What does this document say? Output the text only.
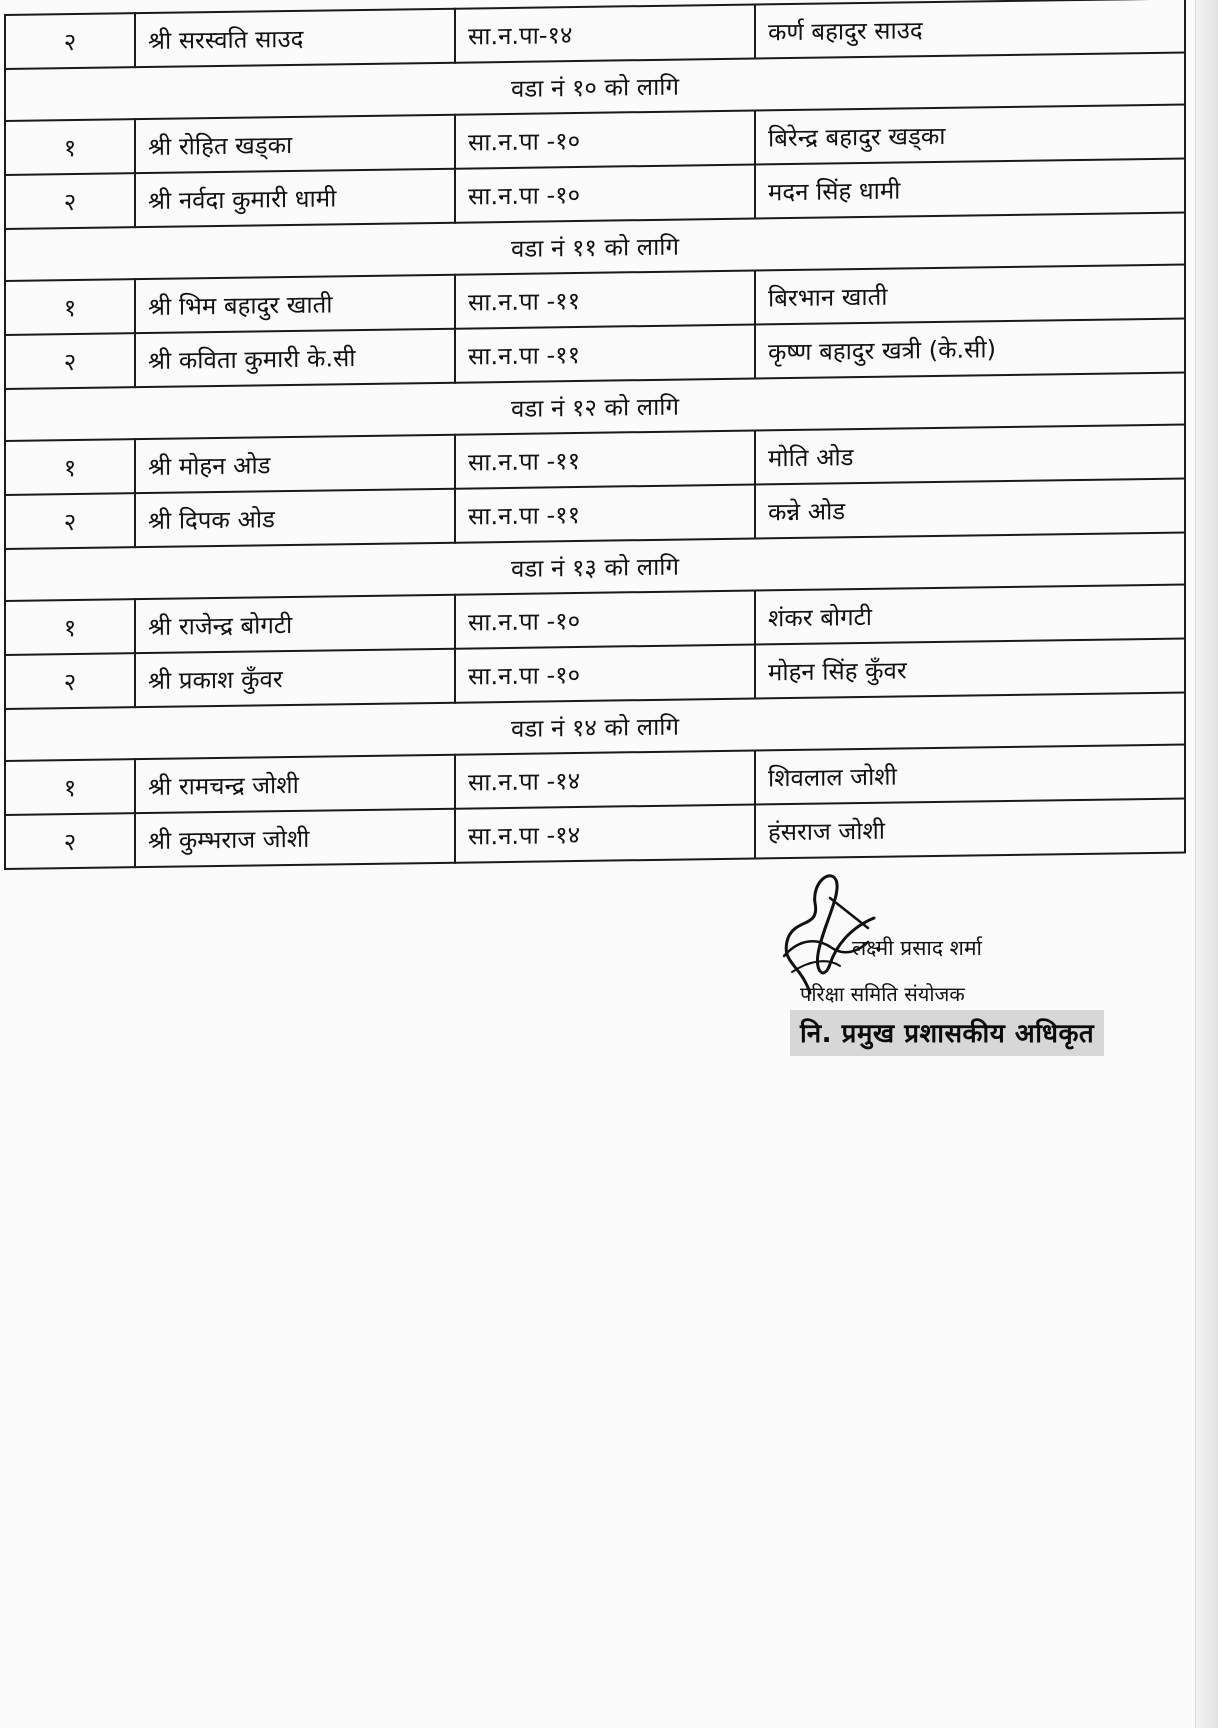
२	श्री सरस्वति साउद	सा.न.पा-१४	कर्ण बहादुर साउद
वडा नं १० को लागि			
१	श्री रोहित खड्का	सा.न.पा -१०	बिरेन्द्र बहादुर खड्का
२	श्री नर्वदा कुमारी धामी	सा.न.पा -१०	मदन सिंह धामी
वडा नं ११ को लागि			
१	श्री भिम बहादुर खाती	सा.न.पा -११	बिरभान खाती
२	श्री कविता कुमारी के.सी	सा.न.पा -११	कृष्ण बहादुर खत्री (के.सी)
वडा नं १२ को लागि			
१	श्री मोहन ओड	सा.न.पा -११	मोति ओड
२	श्री दिपक ओड	सा.न.पा -११	कन्ने ओड
वडा नं १३ को लागि			
१	श्री राजेन्द्र बोगटी	सा.न.पा -१०	शंकर बोगटी
२	श्री प्रकाश कुँवर	सा.न.पा -१०	मोहन सिंह कुँवर
वडा नं १४ को लागि			
१	श्री रामचन्द्र जोशी	सा.न.पा -१४	शिवलाल जोशी
२	श्री कुम्भराज जोशी	सा.न.पा -१४	हंसराज जोशी
लक्ष्मी प्रसाद शर्मा
परिक्षा समिति संयोजक
नि. प्रमुख प्रशासकीय अधिकृत
